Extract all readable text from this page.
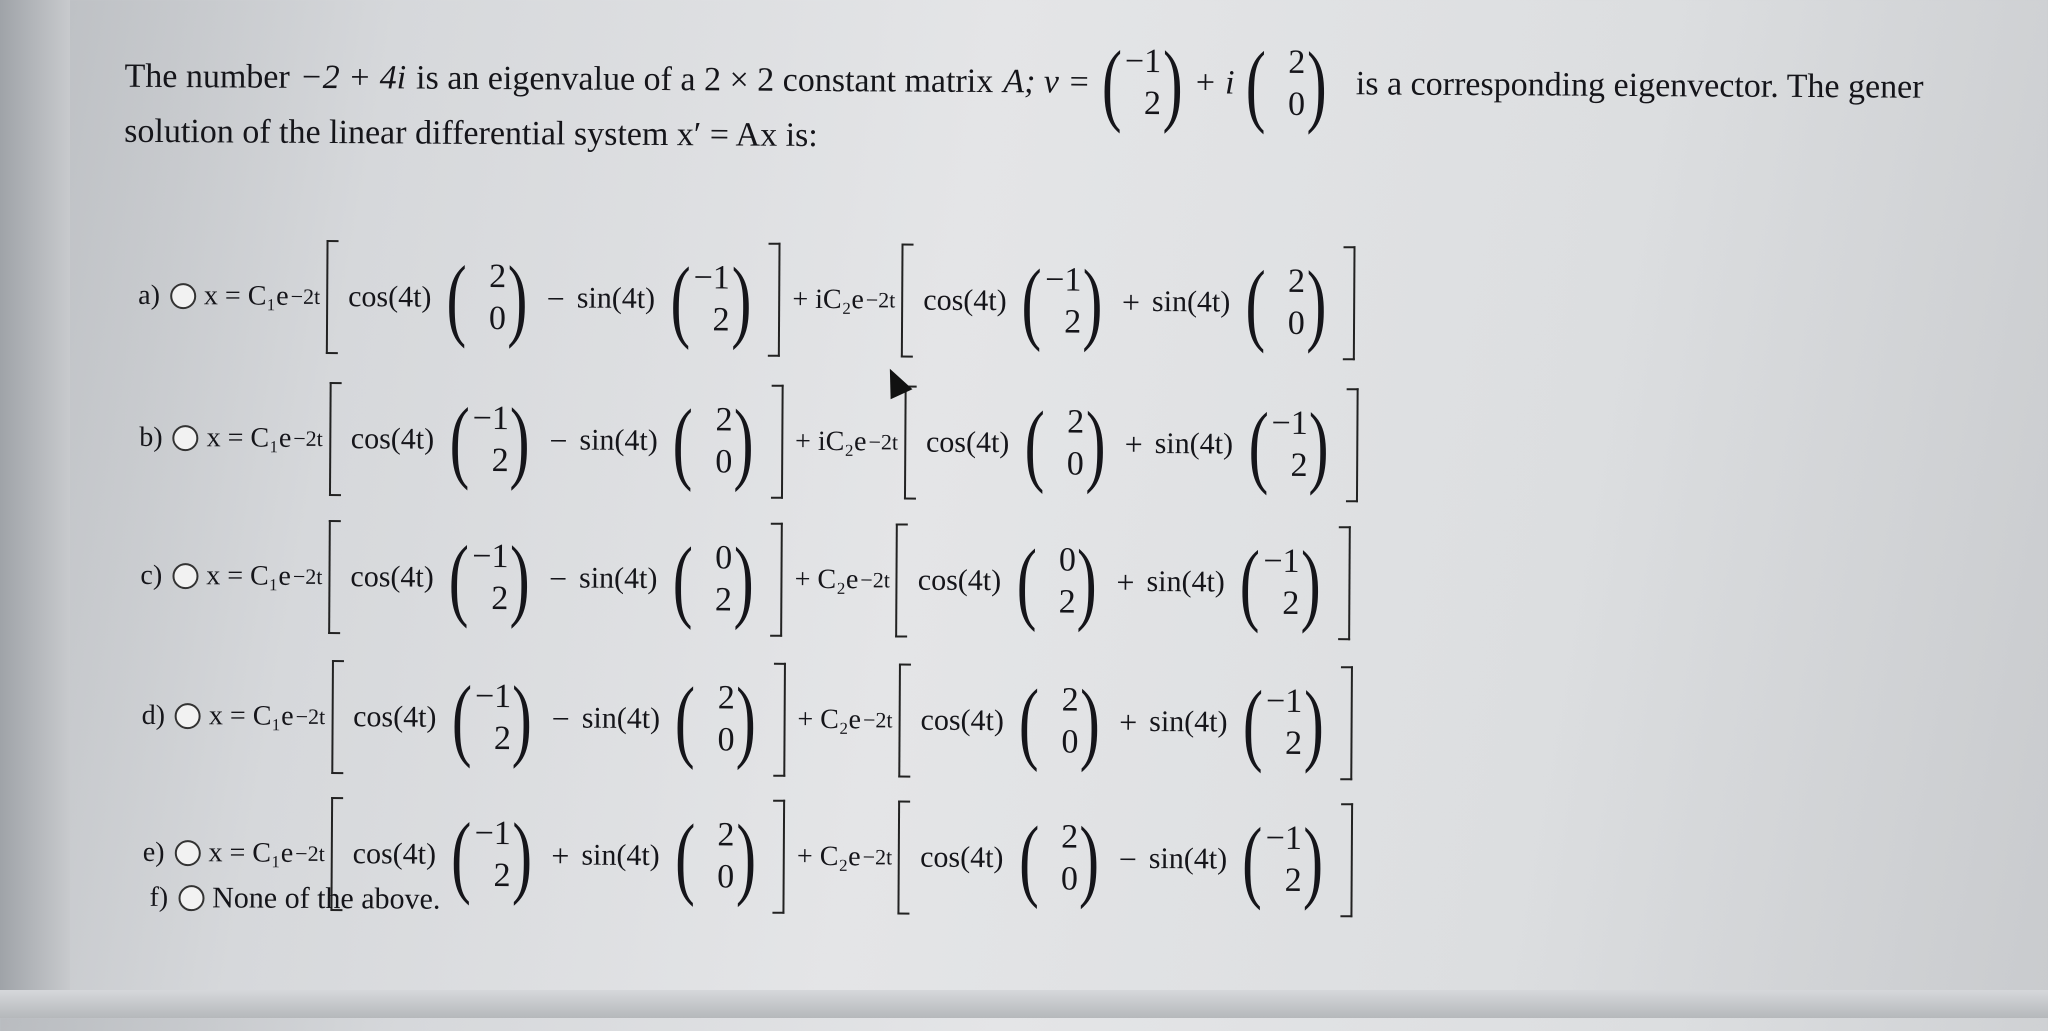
The number −2 + 4i is an eigenvalue of a 2 × 2 constant matrix A; v = ( −1
2 ) + i ( 2
0 ) is a corresponding eigenvector. The gener
solution of the linear differential system x′ = Ax is:
a) x = C₁e −2t cos(4t) ( 2
0 ) − sin(4t) ( −1
2 ) + iC₂e −2t cos(4t) ( −1
2 ) + sin(4t) ( 2
0 )
b) x = C₁e −2t cos(4t) ( −1
2 ) − sin(4t) ( 2
0 ) + iC₂e −2t cos(4t) ( 2
0 ) + sin(4t) ( −1
2 )
c) x = C₁e −2t cos(4t) ( −1
2 ) − sin(4t) ( 0
2 ) + C₂e −2t cos(4t) ( 0
2 ) + sin(4t) ( −1
2 )
d) x = C₁e −2t cos(4t) ( −1
2 ) − sin(4t) ( 2
0 ) + C₂e −2t cos(4t) ( 2
0 ) + sin(4t) ( −1
2 )
e) x = C₁e −2t cos(4t) ( −1
2 ) + sin(4t) ( 2
0 ) + C₂e −2t cos(4t) ( 2
0 ) − sin(4t) ( −1
2 )
f) None of the above.
